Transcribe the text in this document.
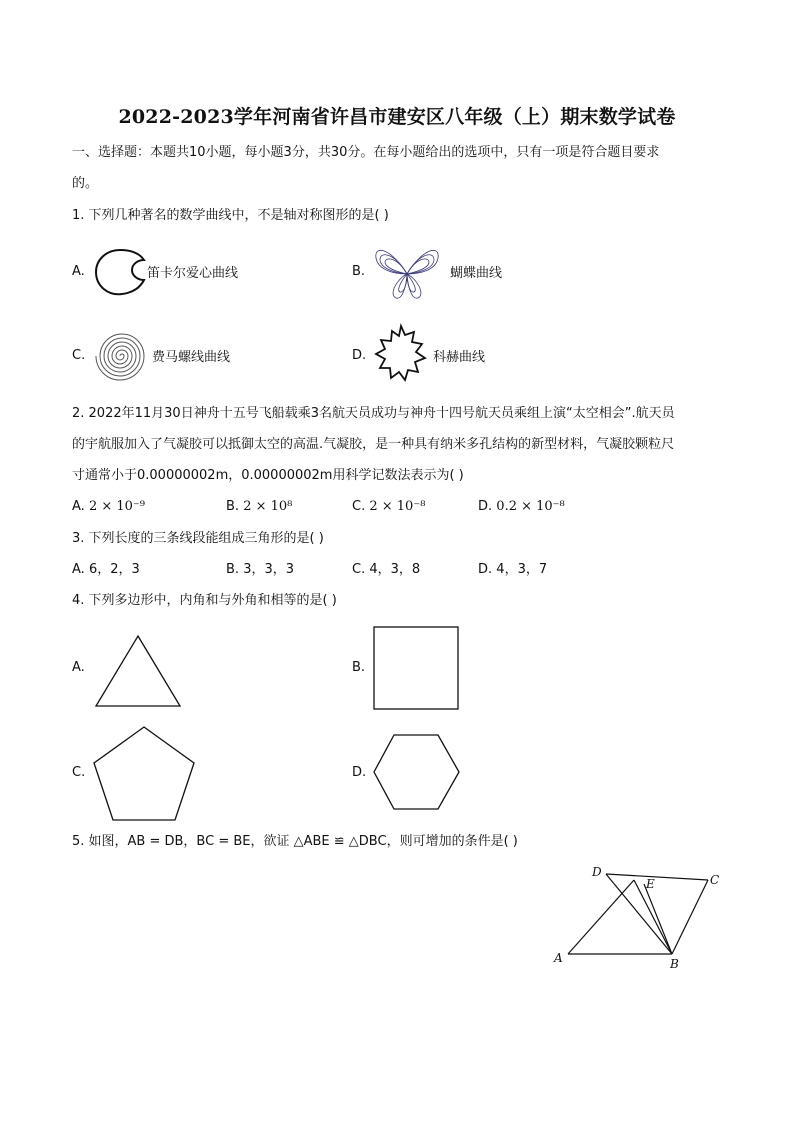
2022-2023学年河南省许昌市建安区八年级（上）期末数学试卷
一、选择题：本题共10小题，每小题3分，共30分。在每小题给出的选项中，只有一项是符合题目要求
的。
1. 下列几种著名的数学曲线中，不是轴对称图形的是( )
A.	笛卡尔爱心曲线	B.	蝴蝶曲线
C.	费马螺线曲线	D.	科赫曲线
2. 2022年11月30日神舟十五号飞船载乘3名航天员成功与神舟十四号航天员乘组上演“太空相会”.航天员
的宇航服加入了气凝胶可以抵御太空的高温.气凝胶，是一种具有纳米多孔结构的新型材料，气凝胶颗粒尺
寸通常小于0.00000002m，0.00000002m用科学记数法表示为( )
A. 2 × 10⁻⁹	B. 2 × 10⁸	C. 2 × 10⁻⁸	D. 0.2 × 10⁻⁸
3. 下列长度的三条线段能组成三角形的是( )
A. 6，2，3	B. 3，3，3	C. 4，3，8	D. 4，3，7
4. 下列多边形中，内角和与外角和相等的是( )
A.	B.
C.	D.
5. 如图，AB = DB，BC = BE，欲证 △ABE ≌ △DBC，则可增加的条件是( )
D
E	C
A	B
